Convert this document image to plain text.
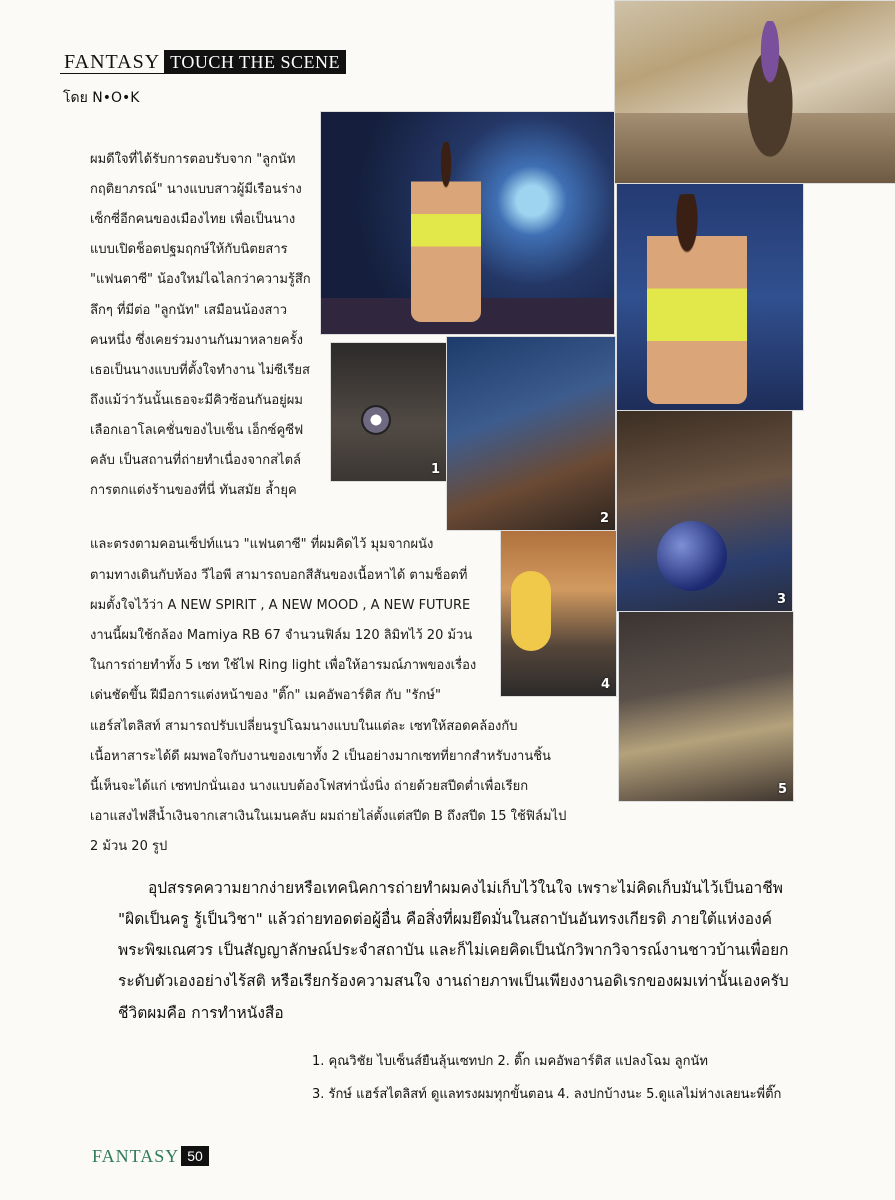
FANTASY TOUCH THE SCENE
โดย N•O•K
1
2
3
4
5
ผมดีใจที่ได้รับการตอบรับจาก "ลูกนัท
กฤติยาภรณ์" นางแบบสาวผู้มีเรือนร่าง
เซ็กซี่อีกคนของเมืองไทย เพื่อเป็นนาง
แบบเปิดช็อตปฐมฤกษ์ให้กับนิตยสาร
"แฟนตาซี" น้องใหม่ไฉไลกว่าความรู้สึก
ลึกๆ ที่มีต่อ "ลูกนัท" เสมือนน้องสาว
คนหนึ่ง ซึ่งเคยร่วมงานกันมาหลายครั้ง
เธอเป็นนางแบบที่ตั้งใจทำงาน ไม่ซีเรียส
ถึงแม้ว่าวันนั้นเธอจะมีคิวซ้อนกันอยู่ผม
เลือกเอาโลเคชั่นของไบเซ็น เอ็กซ์คูซีฟ
คลับ เป็นสถานที่ถ่ายทำเนื่องจากสไตล์
การตกแต่งร้านของที่นี่ ทันสมัย ล้ำยุค
และตรงตามคอนเซ็ปท์แนว "แฟนตาซี" ที่ผมคิดไว้ มุมจากผนัง
ตามทางเดินกับห้อง วีไอพี สามารถบอกสีสันของเนื้อหาได้ ตามช็อตที่
ผมตั้งใจไว้ว่า A NEW SPIRIT , A NEW MOOD , A NEW FUTURE
งานนี้ผมใช้กล้อง Mamiya RB 67 จำนวนฟิล์ม 120 ลิมิทไว้ 20 ม้วน
ในการถ่ายทำทั้ง 5 เซท ใช้ไฟ Ring light เพื่อให้อารมณ์ภาพของเรื่อง
เด่นชัดขึ้น ฝีมือการแต่งหน้าของ "ติ๊ก" เมคอัพอาร์ติส กับ "รักษ์"
แฮร์สไตลิสท์ สามารถปรับเปลี่ยนรูปโฉมนางแบบในแต่ละ เซทให้สอดคล้องกับ
เนื้อหาสาระได้ดี ผมพอใจกับงานของเขาทั้ง 2 เป็นอย่างมากเซทที่ยากสำหรับงานชิ้น
นี้เห็นจะได้แก่ เซทปกนั่นเอง นางแบบต้องโฟสท่านั่งนิ่ง ถ่ายด้วยสปีดต่ำเพื่อเรียก
เอาแสงไฟสีน้ำเงินจากเสาเงินในเมนคลับ ผมถ่ายไล่ตั้งแต่สปีด B ถึงสปีด 15 ใช้ฟิล์มไป
2 ม้วน 20 รูป
อุปสรรคความยากง่ายหรือเทคนิคการถ่ายทำผมคงไม่เก็บไว้ในใจ เพราะไม่คิดเก็บมันไว้เป็นอาชีพ
"ผิดเป็นครู รู้เป็นวิชา" แล้วถ่ายทอดต่อผู้อื่น คือสิ่งที่ผมยึดมั่นในสถาบันอันทรงเกียรติ ภายใต้แห่งองค์
พระพิฆเณศวร เป็นสัญญาลักษณ์ประจำสถาบัน และก็ไม่เคยคิดเป็นนักวิพากวิจารณ์งานชาวบ้านเพื่อยก
ระดับตัวเองอย่างไร้สติ หรือเรียกร้องความสนใจ งานถ่ายภาพเป็นเพียงงานอดิเรกของผมเท่านั้นเองครับ
ชีวิตผมคือ การทำหนังสือ
1. คุณวิชัย ไบเซ็นส์ยืนลุ้นเซทปก 2. ติ๊ก เมคอัพอาร์ติส แปลงโฉม ลูกนัท
3. รักษ์ แฮร์สไตลิสท์ ดูแลทรงผมทุกขั้นตอน 4. ลงปกบ้างนะ 5.ดูแลไม่ห่างเลยนะพี่ติ๊ก
FANTASY 50
